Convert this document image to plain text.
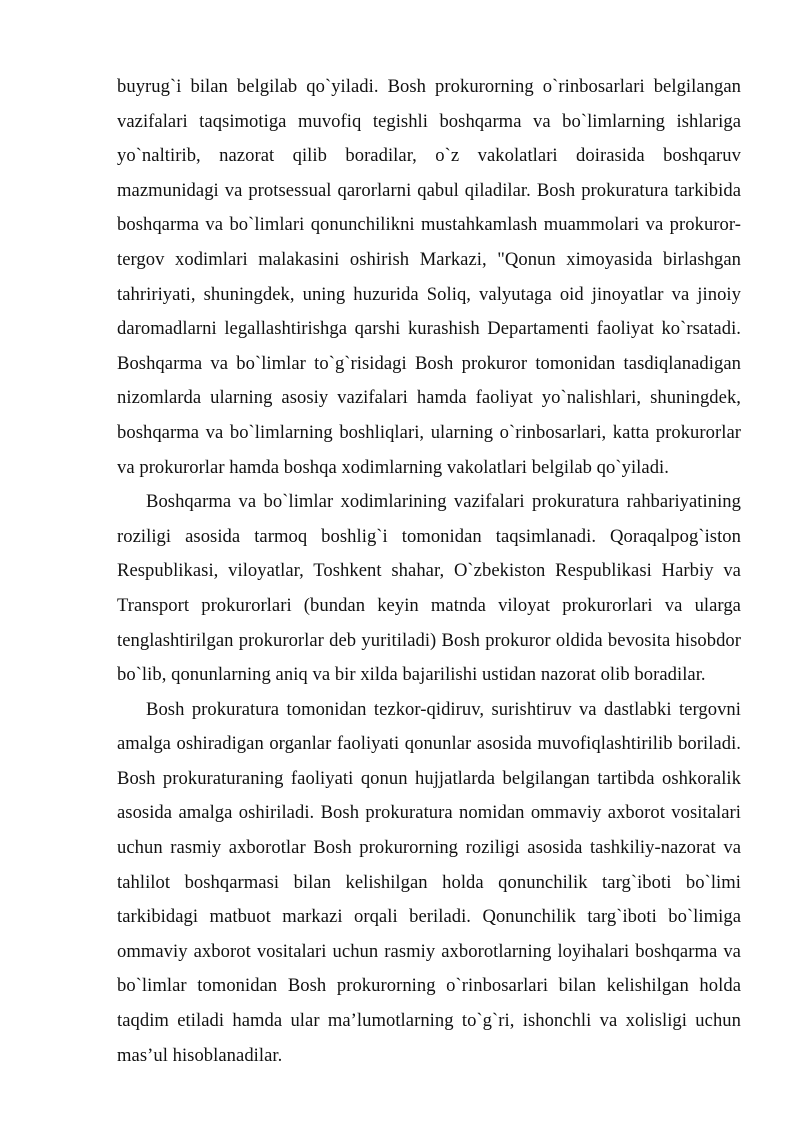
buyrug`i bilan belgilab qo`yiladi. Bosh prokurorning o`rinbosarlari belgilangan vazifalari taqsimotiga muvofiq tegishli boshqarma va bo`limlarning ishlariga yo`naltirib, nazorat qilib boradilar, o`z vakolatlari doirasida boshqaruv mazmunidagi va protsessual qarorlarni qabul qiladilar. Bosh prokuratura tarkibida boshqarma va bo`limlari qonunchilikni mustahkamlash muammolari va prokuror-tergov xodimlari malakasini oshirish Markazi, "Qonun ximoyasida birlashgan tahririyati, shuningdek, uning huzurida Soliq, valyutaga oid jinoyatlar va jinoiy daromadlarni legallashtirishga qarshi kurashish Departamenti faoliyat ko`rsatadi. Boshqarma va bo`limlar to`g`risidagi Bosh prokuror tomonidan tasdiqlanadigan nizomlarda ularning asosiy vazifalari hamda faoliyat yo`nalishlari, shuningdek, boshqarma va bo`limlarning boshliqlari, ularning o`rinbosarlari, katta prokurorlar va prokurorlar hamda boshqa xodimlarning vakolatlari belgilab qo`yiladi.

Boshqarma va bo`limlar xodimlarining vazifalari prokuratura rahbariyatining roziligi asosida tarmoq boshlig`i tomonidan taqsimlanadi. Qoraqalpog`iston Respublikasi, viloyatlar, Toshkent shahar, O`zbekiston Respublikasi Harbiy va Transport prokurorlari (bundan keyin matnda viloyat prokurorlari va ularga tenglashtirilgan prokurorlar deb yuritiladi) Bosh prokuror oldida bevosita hisobdor bo`lib, qonunlarning aniq va bir xilda bajarilishi ustidan nazorat olib boradilar.

Bosh prokuratura tomonidan tezkor-qidiruv, surishtiruv va dastlabki tergovni amalga oshiradigan organlar faoliyati qonunlar asosida muvofiqlashtirilib boriladi. Bosh prokuraturaning faoliyati qonun hujjatlarda belgilangan tartibda oshkoralik asosida amalga oshiriladi. Bosh prokuratura nomidan ommaviy axborot vositalari uchun rasmiy axborotlar Bosh prokurorning roziligi asosida tashkiliy-nazorat va tahlilot boshqarmasi bilan kelishilgan holda qonunchilik targ`iboti bo`limi tarkibidagi matbuot markazi orqali beriladi. Qonunchilik targ`iboti bo`limiga ommaviy axborot vositalari uchun rasmiy axborotlarning loyihalari boshqarma va bo`limlar tomonidan Bosh prokurorning o`rinbosarlari bilan kelishilgan holda taqdim etiladi hamda ular ma’lumotlarning to`g`ri, ishonchli va xolisligi uchun mas’ul hisoblanadilar.
